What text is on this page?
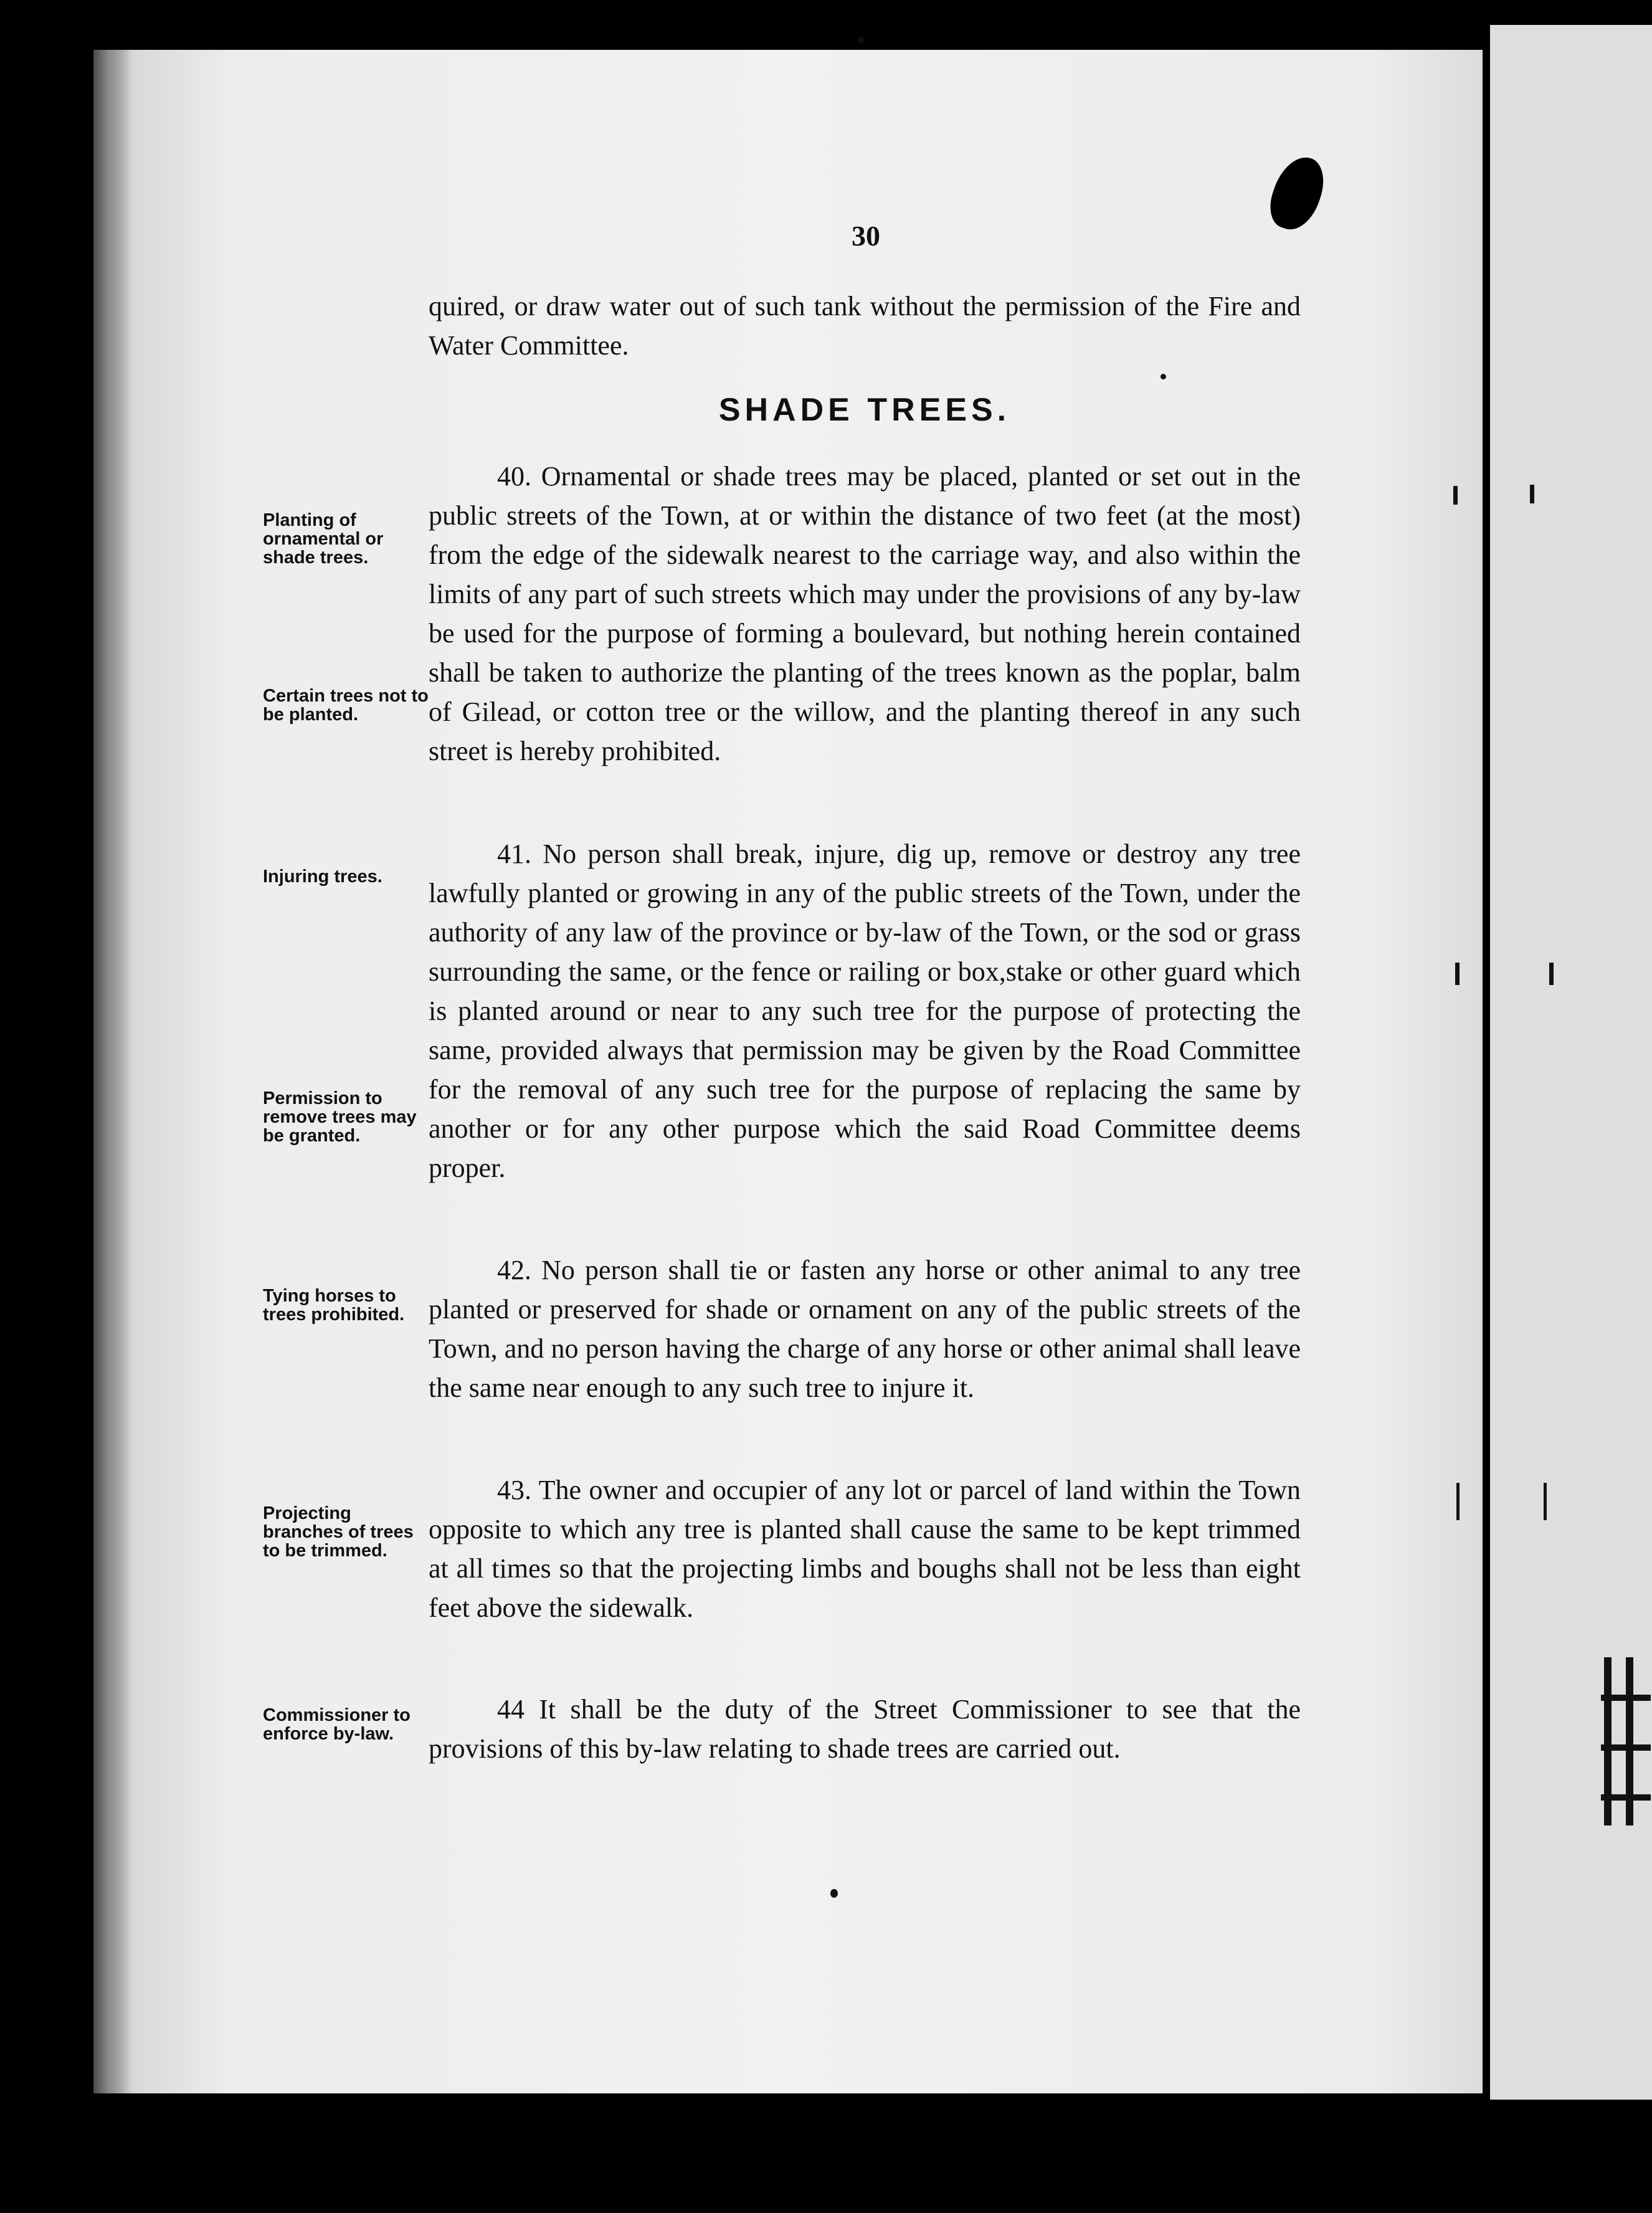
30

quired, or draw water out of such tank without the permission of the Fire and Water Committee.

SHADE TREES.

40. Ornamental or shade trees may be placed, planted or set out in the public streets of the Town, at or within the distance of two feet (at the most) from the edge of the sidewalk nearest to the carriage way, and also within the limits of any part of such streets which may under the provisions of any by-law be used for the purpose of forming a boulevard, but nothing herein contained shall be taken to authorize the planting of the trees known as the poplar, balm of Gilead, or cotton tree or the willow, and the planting thereof in any such street is hereby prohibited.

41. No person shall break, injure, dig up, remove or destroy any tree lawfully planted or growing in any of the public streets of the Town, under the authority of any law of the province or by-law of the Town, or the sod or grass surrounding the same, or the fence or railing or box,stake or other guard which is planted around or near to any such tree for the purpose of protecting the same, provided always that permission may be given by the Road Committee for the removal of any such tree for the purpose of replacing the same by another or for any other purpose which the said Road Committee deems proper.

42. No person shall tie or fasten any horse or other animal to any tree planted or preserved for shade or ornament on any of the public streets of the Town, and no person having the charge of any horse or other animal shall leave the same near enough to any such tree to injure it.

43. The owner and occupier of any lot or parcel of land within the Town opposite to which any tree is planted shall cause the same to be kept trimmed at all times so that the projecting limbs and boughs shall not be less than eight feet above the sidewalk.

44 It shall be the duty of the Street Commissioner to see that the provisions of this by-law relating to shade trees are carried out.

Planting of ornamental or shade trees.
Certain trees not to be planted.
Injuring trees.
Permission to remove trees may be granted.
Tying horses to trees prohibited.
Projecting branches of trees to be trimmed.
Commissioner to enforce by-law.
